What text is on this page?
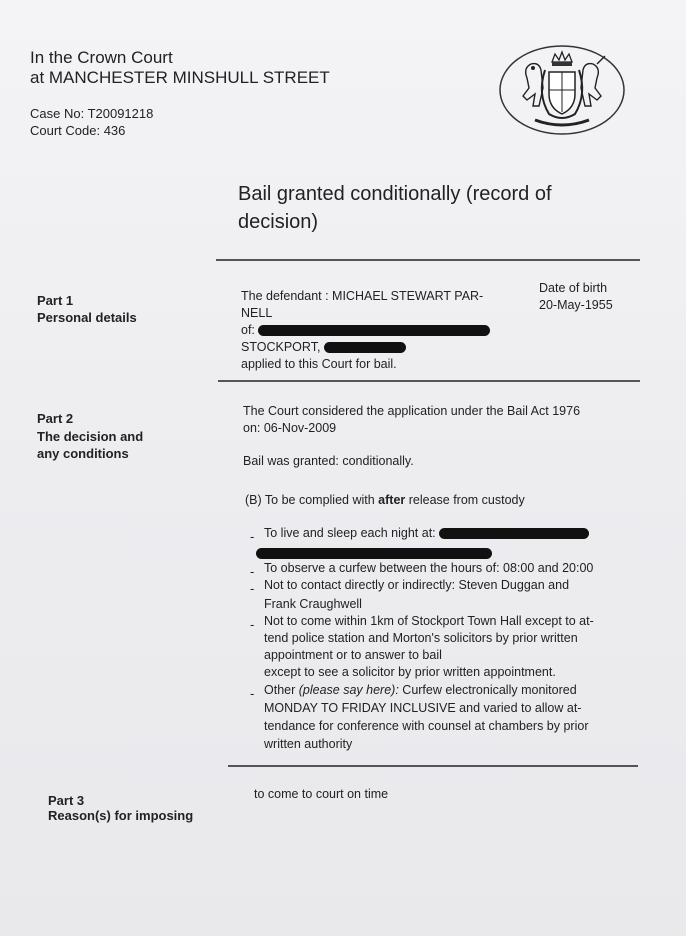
In the Crown Court
at MANCHESTER MINSHULL STREET
Case No: T20091218
Court Code: 436
Bail granted conditionally (record of decision)
Part 1
Personal details
The defendant : MICHAEL STEWART PAR-
NELL
of:
STOCKPORT,
applied to this Court for bail.
Date of birth
20-May-1955
Part 2
The decision and
any conditions
The Court considered the application under the Bail Act 1976
on: 06-Nov-2009
Bail was granted: conditionally.
(B) To be complied with after release from custody
- To live and sleep each night at:
- To observe a curfew between the hours of: 08:00 and 20:00
- Not to contact directly or indirectly: Steven Duggan and
Frank Craughwell
- Not to come within 1km of Stockport Town Hall except to at-
tend police station and Morton's solicitors by prior written
appointment or to answer to bail
except to see a solicitor by prior written appointment.
- Other (please say here): Curfew electronically monitored
MONDAY TO FRIDAY INCLUSIVE and varied to allow at-
tendance for conference with counsel at chambers by prior
written authority
Part 3
Reason(s) for imposing
to come to court on time
